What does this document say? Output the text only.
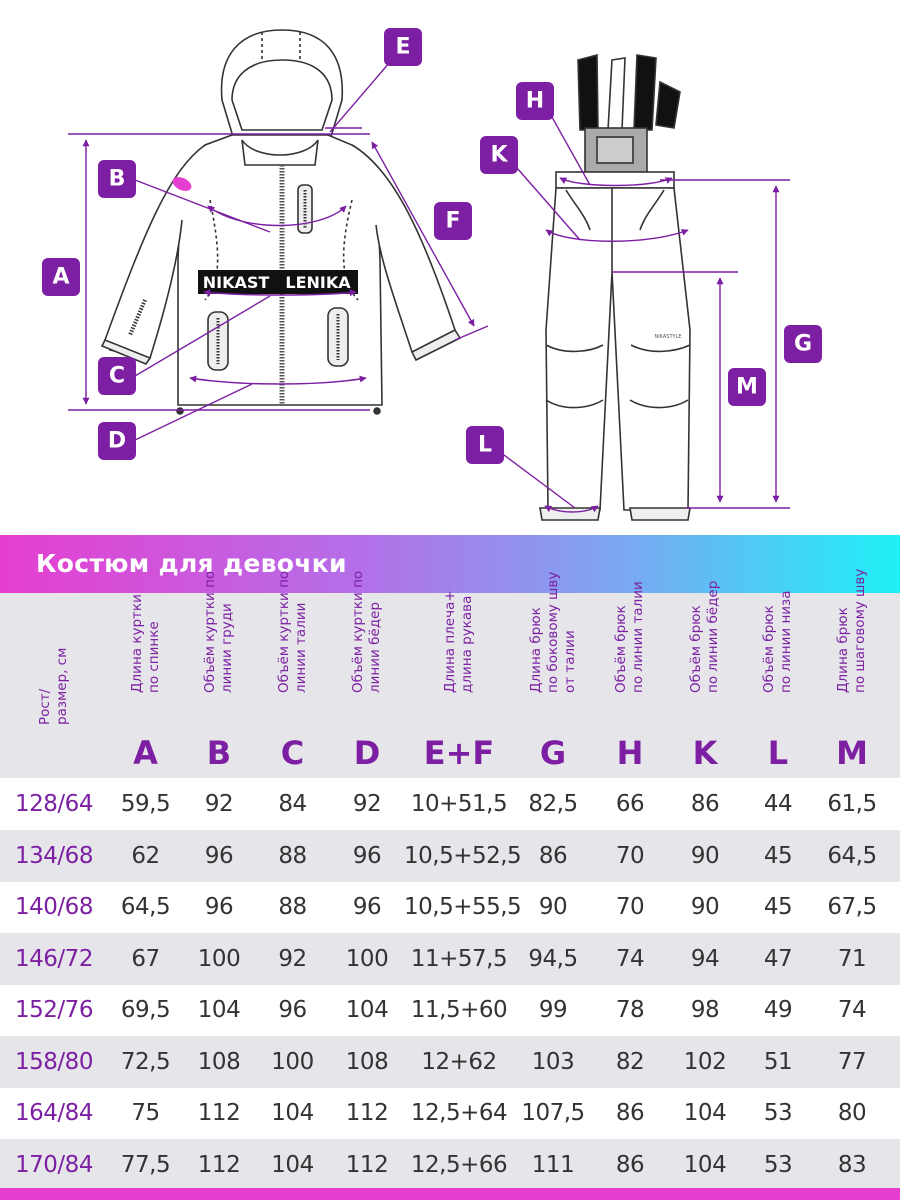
NIKAST LENIKA
NIKASTYLE
A
B
C
D
E
F
H
K
G
M
L
Костюм для девочки
Рост/
размер, см	Длина куртки
по спинке
A
Объём куртки по
линии груди
B
Объём куртки по
линии талии
C
Объём куртки по
линии бёдер
D
Длина плеча+
длина рукава
E+F
Длина брюк
по боковому шву
от талии
G
Объём брюк
по линии талии
H
Объём брюк
по линии бёдер
K
Объём брюк
по линии низа
L
Длина брюк
по шаговому шву
M
128/64	59,5	92	84	92	10+51,5 82,5	66	86	44	61,5
134/68	62	96	88	96 10,5+52,5 86	70	90	45	64,5
140/68	64,5	96	88	96 10,5+55,5 90	70	90	45	67,5
146/72	67	100	92	100 11+57,5 94,5	74	94	47	71
152/76	69,5	104	96	104 11,5+60	99	78	98	49	74
158/80	72,5	108	100	108	12+62	103	82	102	51	77
164/84	75	112	104	112 12,5+64 107,5	86	104	53	80
170/84	77,5	112	104	112 12,5+66	111	86	104	53	83
